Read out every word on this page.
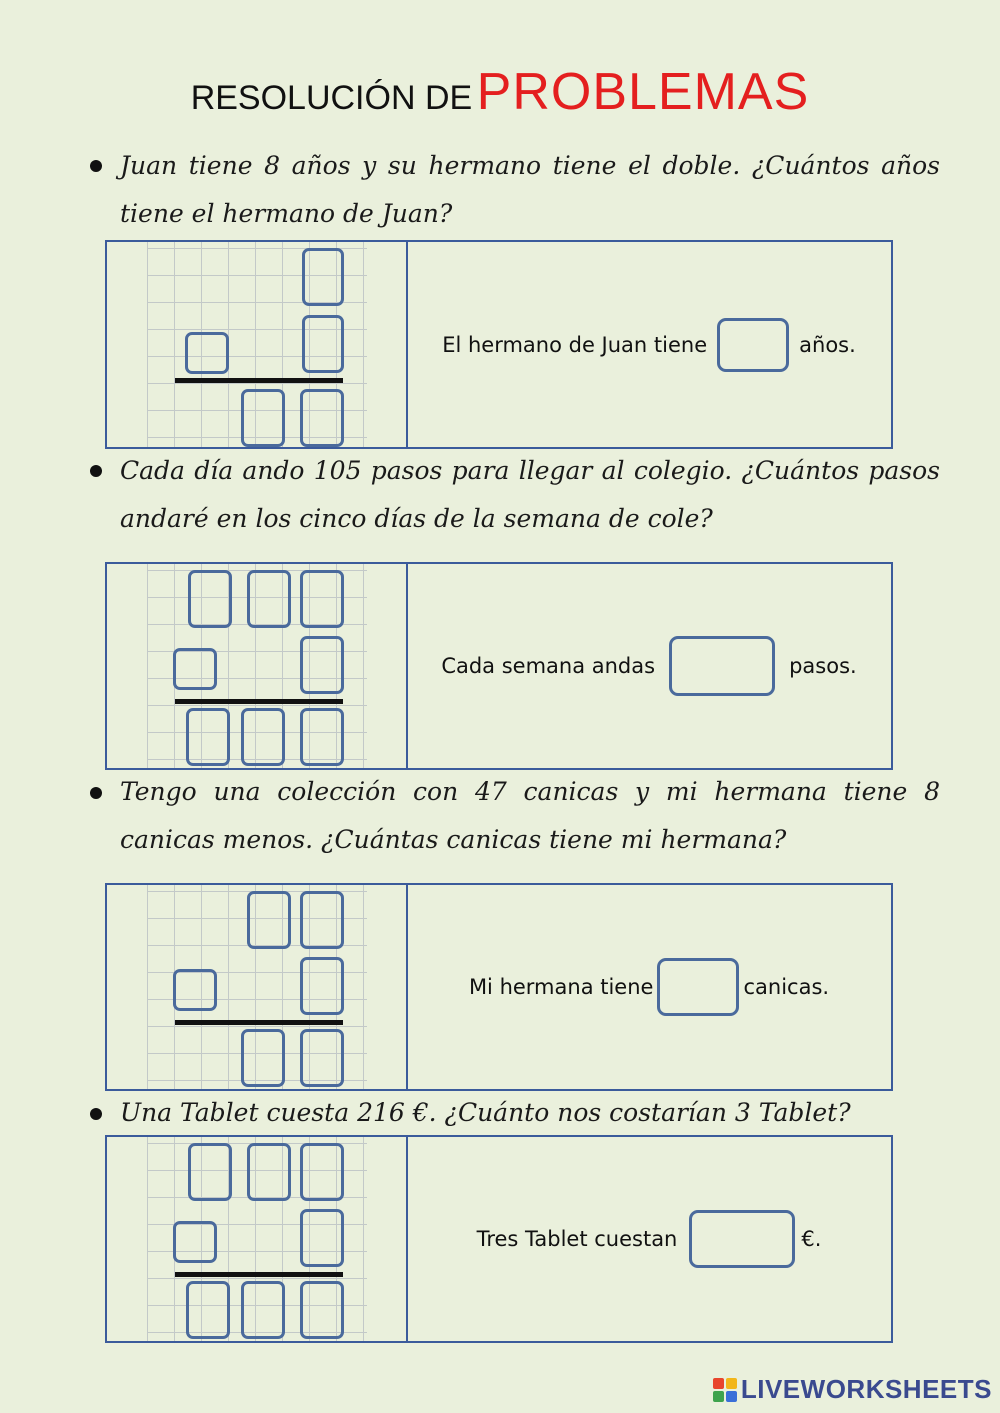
RESOLUCIÓN DE PROBLEMAS
Juan tiene 8 años y su hermano tiene el doble. ¿Cuántos años tiene el hermano de Juan?
El hermano de Juan tiene	años.
Cada día ando 105 pasos para llegar al colegio. ¿Cuántos pasos andaré en los cinco días de la semana de cole?
Cada semana andas	pasos.
Tengo una colección con 47 canicas y mi hermana tiene 8 canicas menos. ¿Cuántas canicas tiene mi hermana?
Mi hermana tiene	canicas.
Una Tablet cuesta 216 €. ¿Cuánto nos costarían 3 Tablet?
Tres Tablet cuestan	€.
LIVEWORKSHEETS
